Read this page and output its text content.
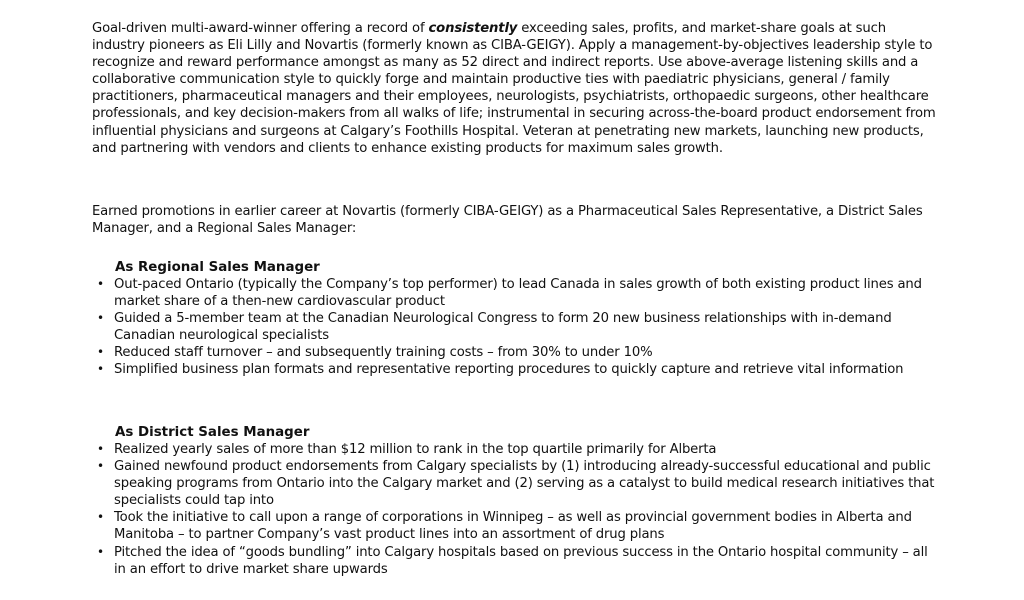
Goal-driven multi-award-winner offering a record of consistently exceeding sales, profits, and market-share goals at such industry pioneers as Eli Lilly and Novartis (formerly known as CIBA-GEIGY). Apply a management-by-objectives leadership style to recognize and reward performance amongst as many as 52 direct and indirect reports. Use above-average listening skills and a collaborative communication style to quickly forge and maintain productive ties with paediatric physicians, general / family practitioners, pharmaceutical managers and their employees, neurologists, psychiatrists, orthopaedic surgeons, other healthcare professionals, and key decision-makers from all walks of life; instrumental in securing across-the-board product endorsement from influential physicians and surgeons at Calgary’s Foothills Hospital. Veteran at penetrating new markets, launching new products, and partnering with vendors and clients to enhance existing products for maximum sales growth.

Earned promotions in earlier career at Novartis (formerly CIBA-GEIGY) as a Pharmaceutical Sales Representative, a District Sales Manager, and a Regional Sales Manager:

As Regional Sales Manager

• Out-paced Ontario (typically the Company’s top performer) to lead Canada in sales growth of both existing product lines and market share of a then-new cardiovascular product
• Guided a 5-member team at the Canadian Neurological Congress to form 20 new business relationships with in-demand Canadian neurological specialists
• Reduced staff turnover – and subsequently training costs – from 30% to under 10%
• Simplified business plan formats and representative reporting procedures to quickly capture and retrieve vital information

As District Sales Manager

• Realized yearly sales of more than $12 million to rank in the top quartile primarily for Alberta
• Gained newfound product endorsements from Calgary specialists by (1) introducing already-successful educational and public speaking programs from Ontario into the Calgary market and (2) serving as a catalyst to build medical research initiatives that specialists could tap into
• Took the initiative to call upon a range of corporations in Winnipeg – as well as provincial government bodies in Alberta and Manitoba – to partner Company’s vast product lines into an assortment of drug plans
• Pitched the idea of “goods bundling” into Calgary hospitals based on previous success in the Ontario hospital community – all in an effort to drive market share upwards
